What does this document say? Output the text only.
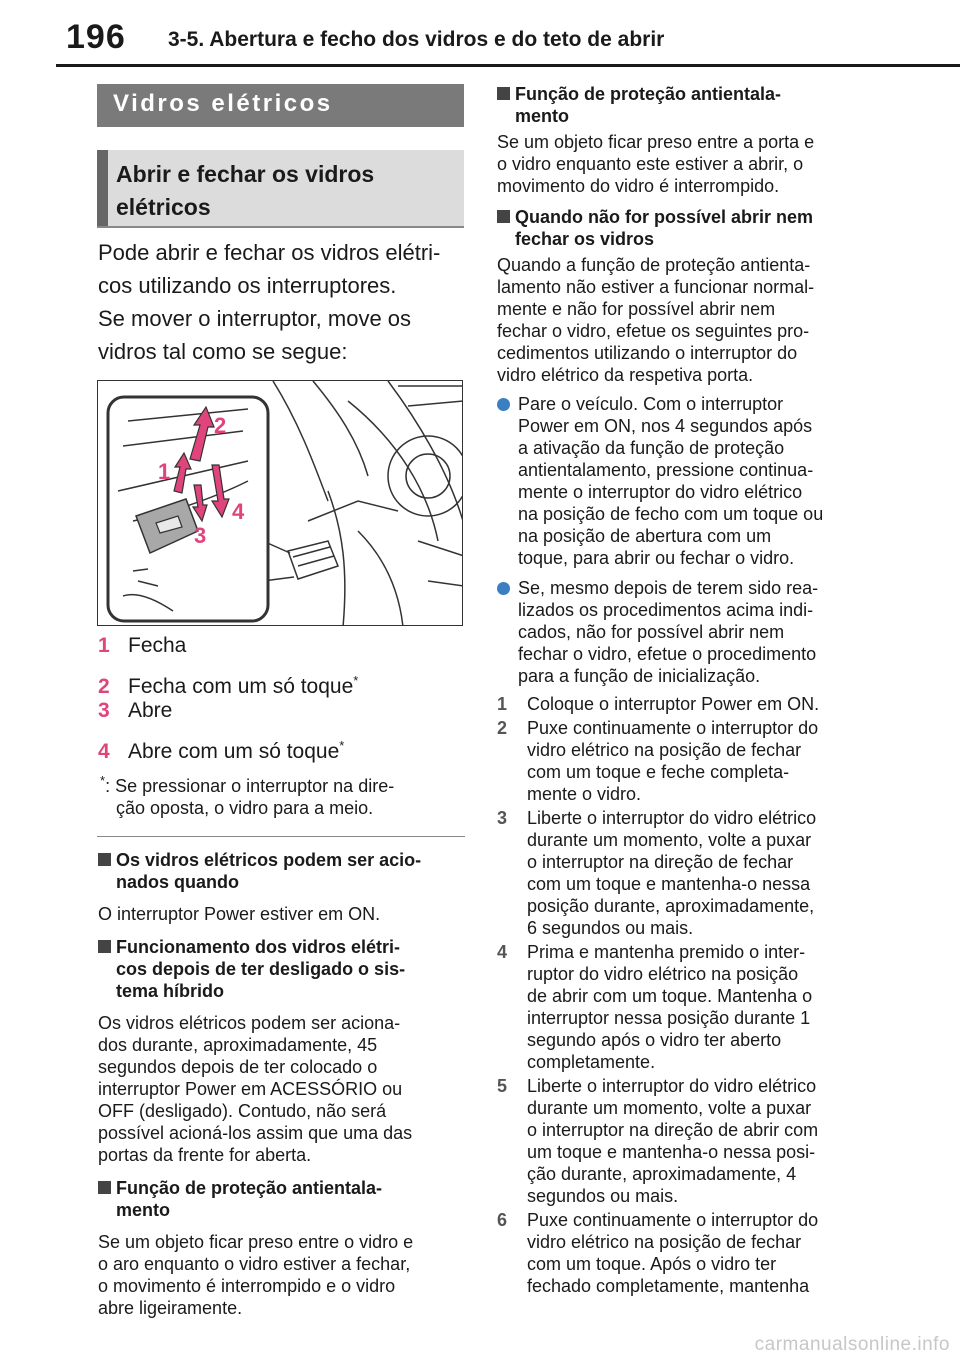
196 3-5. Abertura e fecho dos vidros e do teto de abrir
Vidros elétricos
Abrir e fechar os vidros
elétricos
Pode abrir e fechar os vidros elétri-
cos utilizando os interruptores.
Se mover o interruptor, move os
vidros tal como se segue:
2
1
4
3
1 Fecha
2 Fecha com um só toque*
3 Abre
4 Abre com um só toque*
*: Se pressionar o interruptor na dire-
ção oposta, o vidro para a meio.
Os vidros elétricos podem ser acio-
nados quando
O interruptor Power estiver em ON.
Funcionamento dos vidros elétri-
cos depois de ter desligado o sis-
tema híbrido
Os vidros elétricos podem ser aciona-
dos durante, aproximadamente, 45
segundos depois de ter colocado o
interruptor Power em ACESSÓRIO ou
OFF (desligado). Contudo, não será
possível acioná-los assim que uma das
portas da frente for aberta.
Função de proteção antientala-
mento
Se um objeto ficar preso entre o vidro e
o aro enquanto o vidro estiver a fechar,
o movimento é interrompido e o vidro
abre ligeiramente.
Função de proteção antientala-
mento
Se um objeto ficar preso entre a porta e
o vidro enquanto este estiver a abrir, o
movimento do vidro é interrompido.
Quando não for possível abrir nem
fechar os vidros
Quando a função de proteção antienta-
lamento não estiver a funcionar normal-
mente e não for possível abrir nem
fechar o vidro, efetue os seguintes pro-
cedimentos utilizando o interruptor do
vidro elétrico da respetiva porta.
Pare o veículo. Com o interruptor
Power em ON, nos 4 segundos após
a ativação da função de proteção
antientalamento, pressione continua-
mente o interruptor do vidro elétrico
na posição de fecho com um toque ou
na posição de abertura com um
toque, para abrir ou fechar o vidro.
Se, mesmo depois de terem sido rea-
lizados os procedimentos acima indi-
cados, não for possível abrir nem
fechar o vidro, efetue o procedimento
para a função de inicialização.
1 Coloque o interruptor Power em ON.
2 Puxe continuamente o interruptor do
vidro elétrico na posição de fechar
com um toque e feche completa-
mente o vidro.
3 Liberte o interruptor do vidro elétrico
durante um momento, volte a puxar
o interruptor na direção de fechar
com um toque e mantenha-o nessa
posição durante, aproximadamente,
6 segundos ou mais.
4 Prima e mantenha premido o inter-
ruptor do vidro elétrico na posição
de abrir com um toque. Mantenha o
interruptor nessa posição durante 1
segundo após o vidro ter aberto
completamente.
5 Liberte o interruptor do vidro elétrico
durante um momento, volte a puxar
o interruptor na direção de abrir com
um toque e mantenha-o nessa posi-
ção durante, aproximadamente, 4
segundos ou mais.
6 Puxe continuamente o interruptor do
vidro elétrico na posição de fechar
com um toque. Após o vidro ter
fechado completamente, mantenha
carmanualsonline.info
